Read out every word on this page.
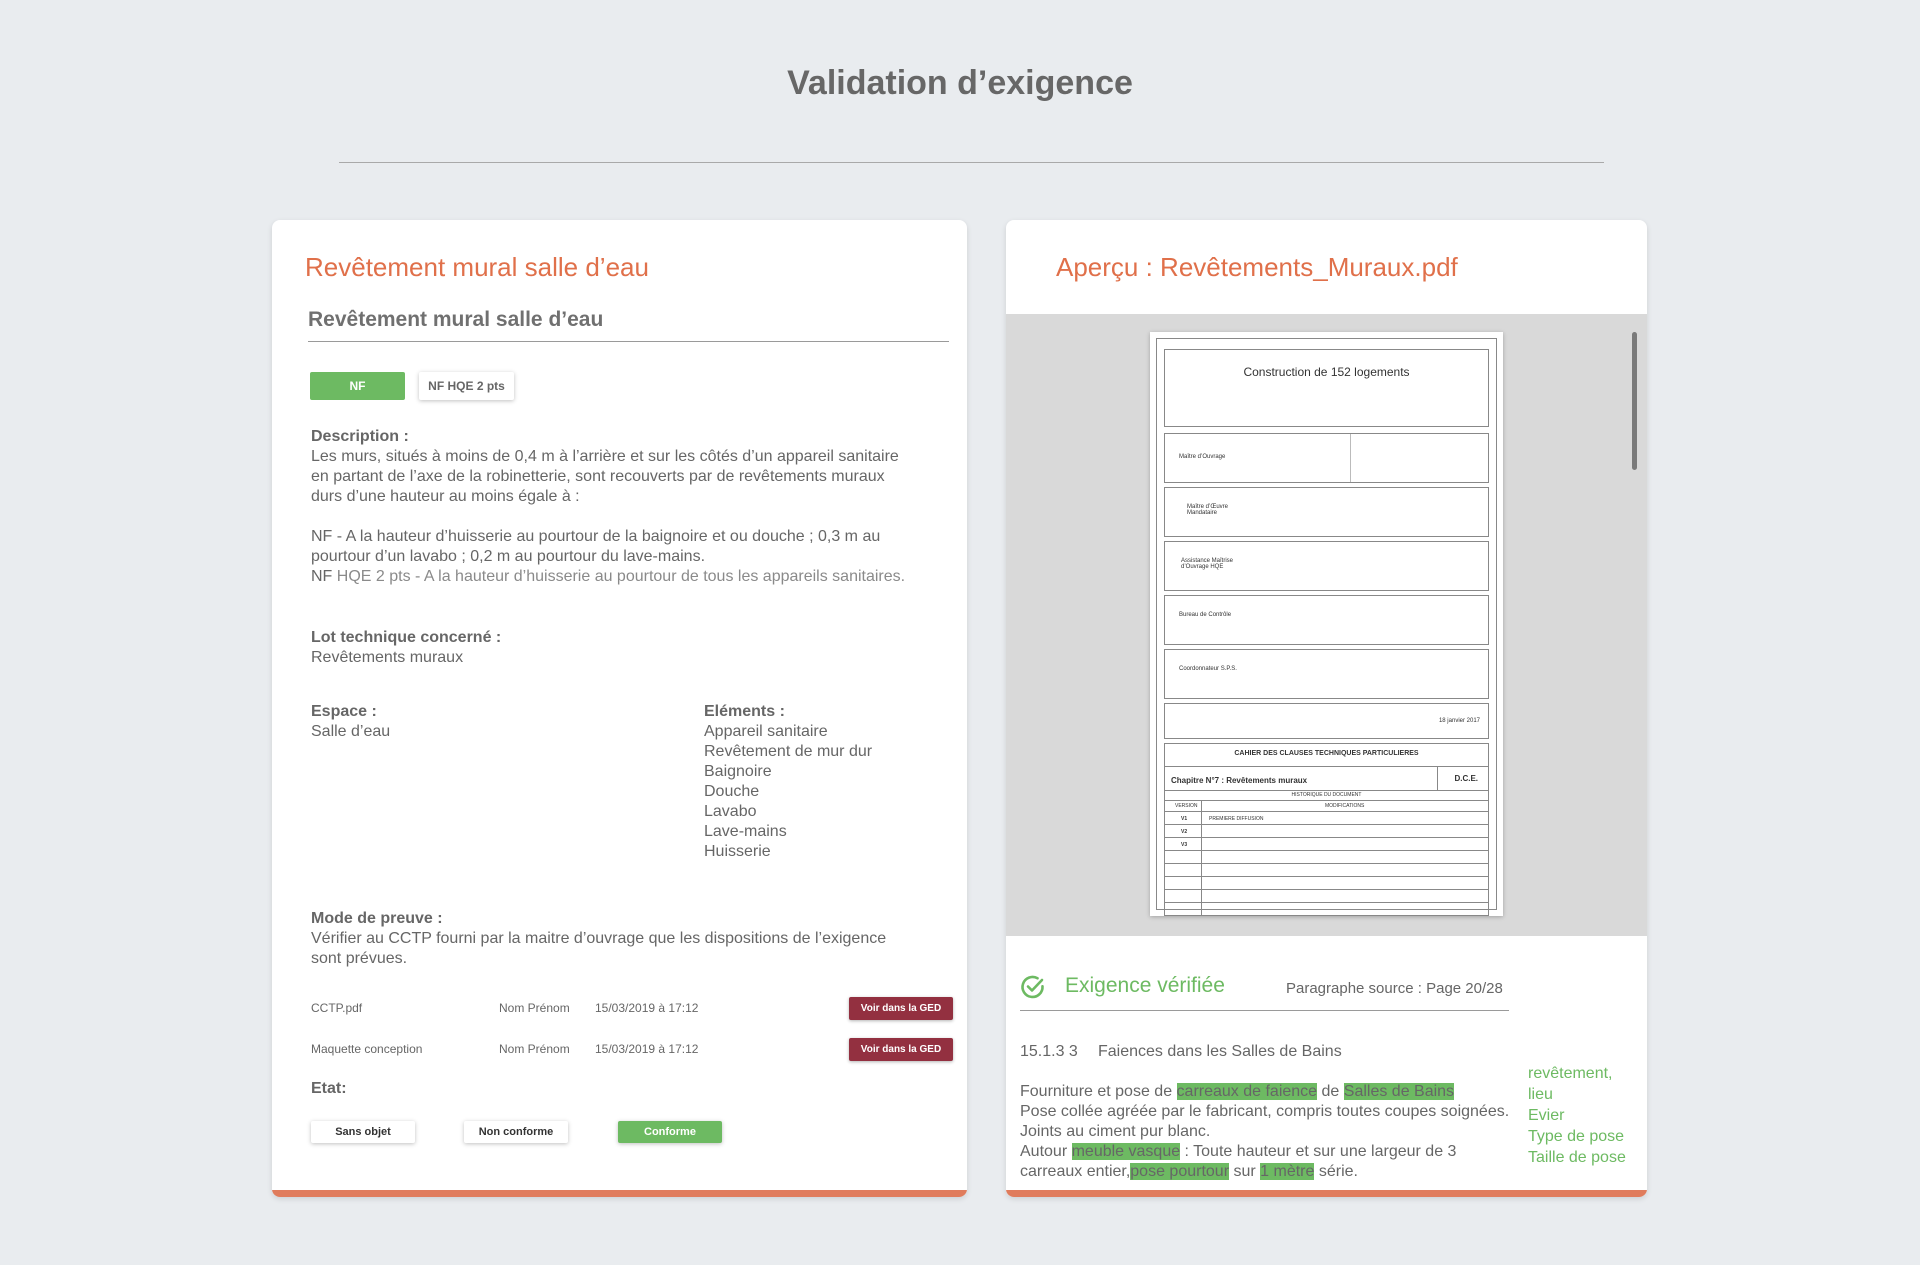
Validation d’exigence
Revêtement mural salle d’eau
Revêtement mural salle d’eau
NF	NF HQE 2 pts

Description :

Les murs, situés à moins de 0,4 m à l’arrière et sur les côtés d’un appareil sanitaire en partant de l’axe de la robinetterie, sont recouverts par de revêtements muraux durs d’une hauteur au moins égale à :

NF - A la hauteur d’huisserie au pourtour de la baignoire et ou douche ; 0,3 m au pourtour d’un lavabo ; 0,2 m au pourtour du lave-mains.

NF HQE 2 pts - A la hauteur d’huisserie au pourtour de tous les appareils sanitaires.

Lot technique concerné :

Revêtements muraux

Espace :

Salle d’eau

Eléments :

Appareil sanitaire

Revêtement de mur dur

Baignoire

Douche

Lavabo

Lave-mains

Huisserie

Mode de preuve :

Vérifier au CCTP fourni par la maitre d’ouvrage que les dispositions de l’exigence sont prévues.

CCTP.pdf	Nom Prénom 15/03/2019 à 17:12	Voir dans la GED
Maquette conception	Nom Prénom 15/03/2019 à 17:12	Voir dans la GED
Etat:
Sans objet	Non conforme	Conforme
Aperçu : Revêtements_Muraux.pdf
Construction de 152 logements
Maître d’Ouvrage
Maître d’Œuvre Mandataire
Assistance Maîtrise d’Ouvrage HQE
Bureau de Contrôle
Coordonnateur S.P.S.
18 janvier 2017
CAHIER DES CLAUSES TECHNIQUES PARTICULIERES
Chapitre N°7 : Revêtements muraux	D.C.E.
HISTORIQUE DU DOCUMENT
VERSION	MODIFICATIONS
V1	PREMIERE DIFFUSION
V2
V3
Exigence vérifiée	Paragraphe source : Page 20/28
15.1.3 3 Faiences dans les Salles de Bains
Fourniture et pose de carreaux de faience de Salles de Bains
Pose collée agréée par le fabricant, compris toutes coupes soignées. Joints au ciment pur blanc.
Autour meuble vasque : Toute hauteur et sur une largeur de 3 carreaux entier,pose pourtour sur 1 mètre série.
revêtement,
lieu
Evier
Type de pose
Taille de pose
